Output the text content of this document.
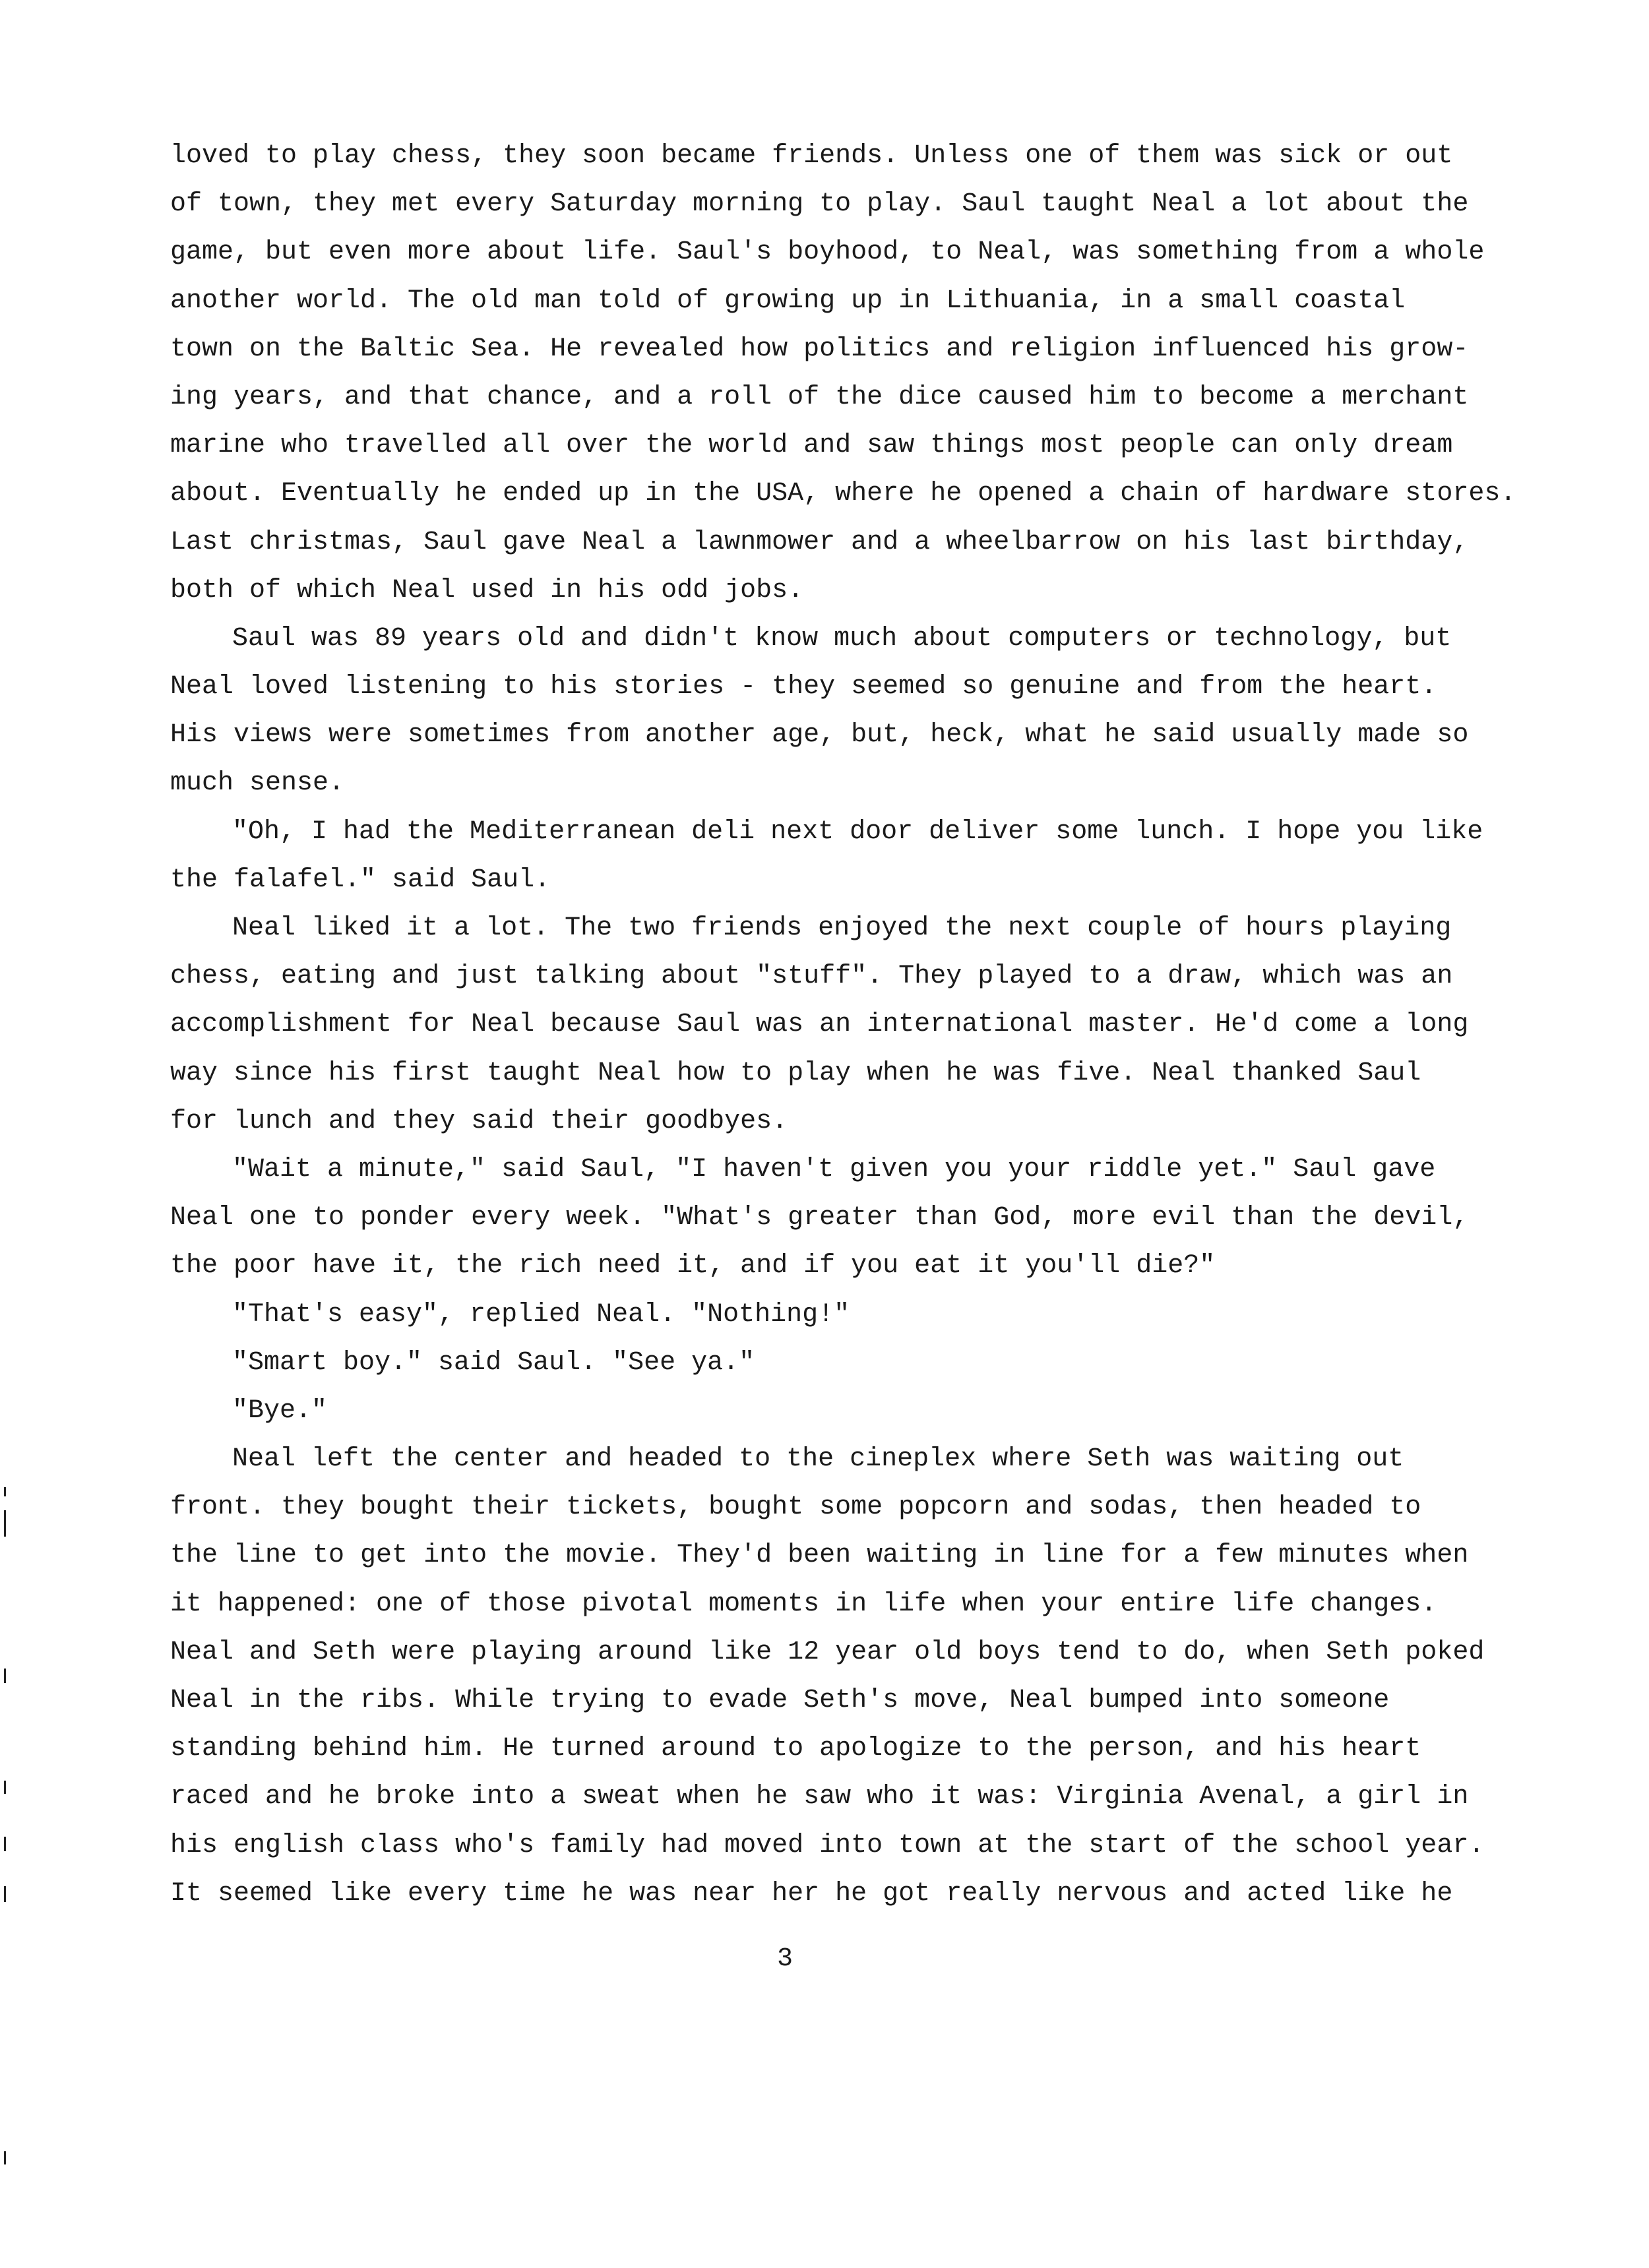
loved to play chess, they soon became friends. Unless one of them was sick or out
of town, they met every Saturday morning to play. Saul taught Neal a lot about the
game, but even more about life. Saul's boyhood, to Neal, was something from a whole
another world. The old man told of growing up in Lithuania, in a small coastal
town on the Baltic Sea. He revealed how politics and religion influenced his grow-
ing years, and that chance, and a roll of the dice caused him to become a merchant
marine who travelled all over the world and saw things most people can only dream
about. Eventually he ended up in the USA, where he opened a chain of hardware stores.
Last christmas, Saul gave Neal a lawnmower and a wheelbarrow on his last birthday,
both of which Neal used in his odd jobs.
Saul was 89 years old and didn't know much about computers or technology, but
Neal loved listening to his stories - they seemed so genuine and from the heart.
His views were sometimes from another age, but, heck, what he said usually made so
much sense.
"Oh, I had the Mediterranean deli next door deliver some lunch. I hope you like
the falafel." said Saul.
Neal liked it a lot. The two friends enjoyed the next couple of hours playing
chess, eating and just talking about "stuff". They played to a draw, which was an
accomplishment for Neal because Saul was an international master. He'd come a long
way since his first taught Neal how to play when he was five. Neal thanked Saul
for lunch and they said their goodbyes.
"Wait a minute," said Saul, "I haven't given you your riddle yet." Saul gave
Neal one to ponder every week. "What's greater than God, more evil than the devil,
the poor have it, the rich need it, and if you eat it you'll die?"
"That's easy", replied Neal. "Nothing!"
"Smart boy." said Saul. "See ya."
"Bye."
Neal left the center and headed to the cineplex where Seth was waiting out
front. they bought their tickets, bought some popcorn and sodas, then headed to
the line to get into the movie. They'd been waiting in line for a few minutes when
it happened: one of those pivotal moments in life when your entire life changes.
Neal and Seth were playing around like 12 year old boys tend to do, when Seth poked
Neal in the ribs. While trying to evade Seth's move, Neal bumped into someone
standing behind him. He turned around to apologize to the person, and his heart
raced and he broke into a sweat when he saw who it was: Virginia Avenal, a girl in
his english class who's family had moved into town at the start of the school year.
It seemed like every time he was near her he got really nervous and acted like he
3
